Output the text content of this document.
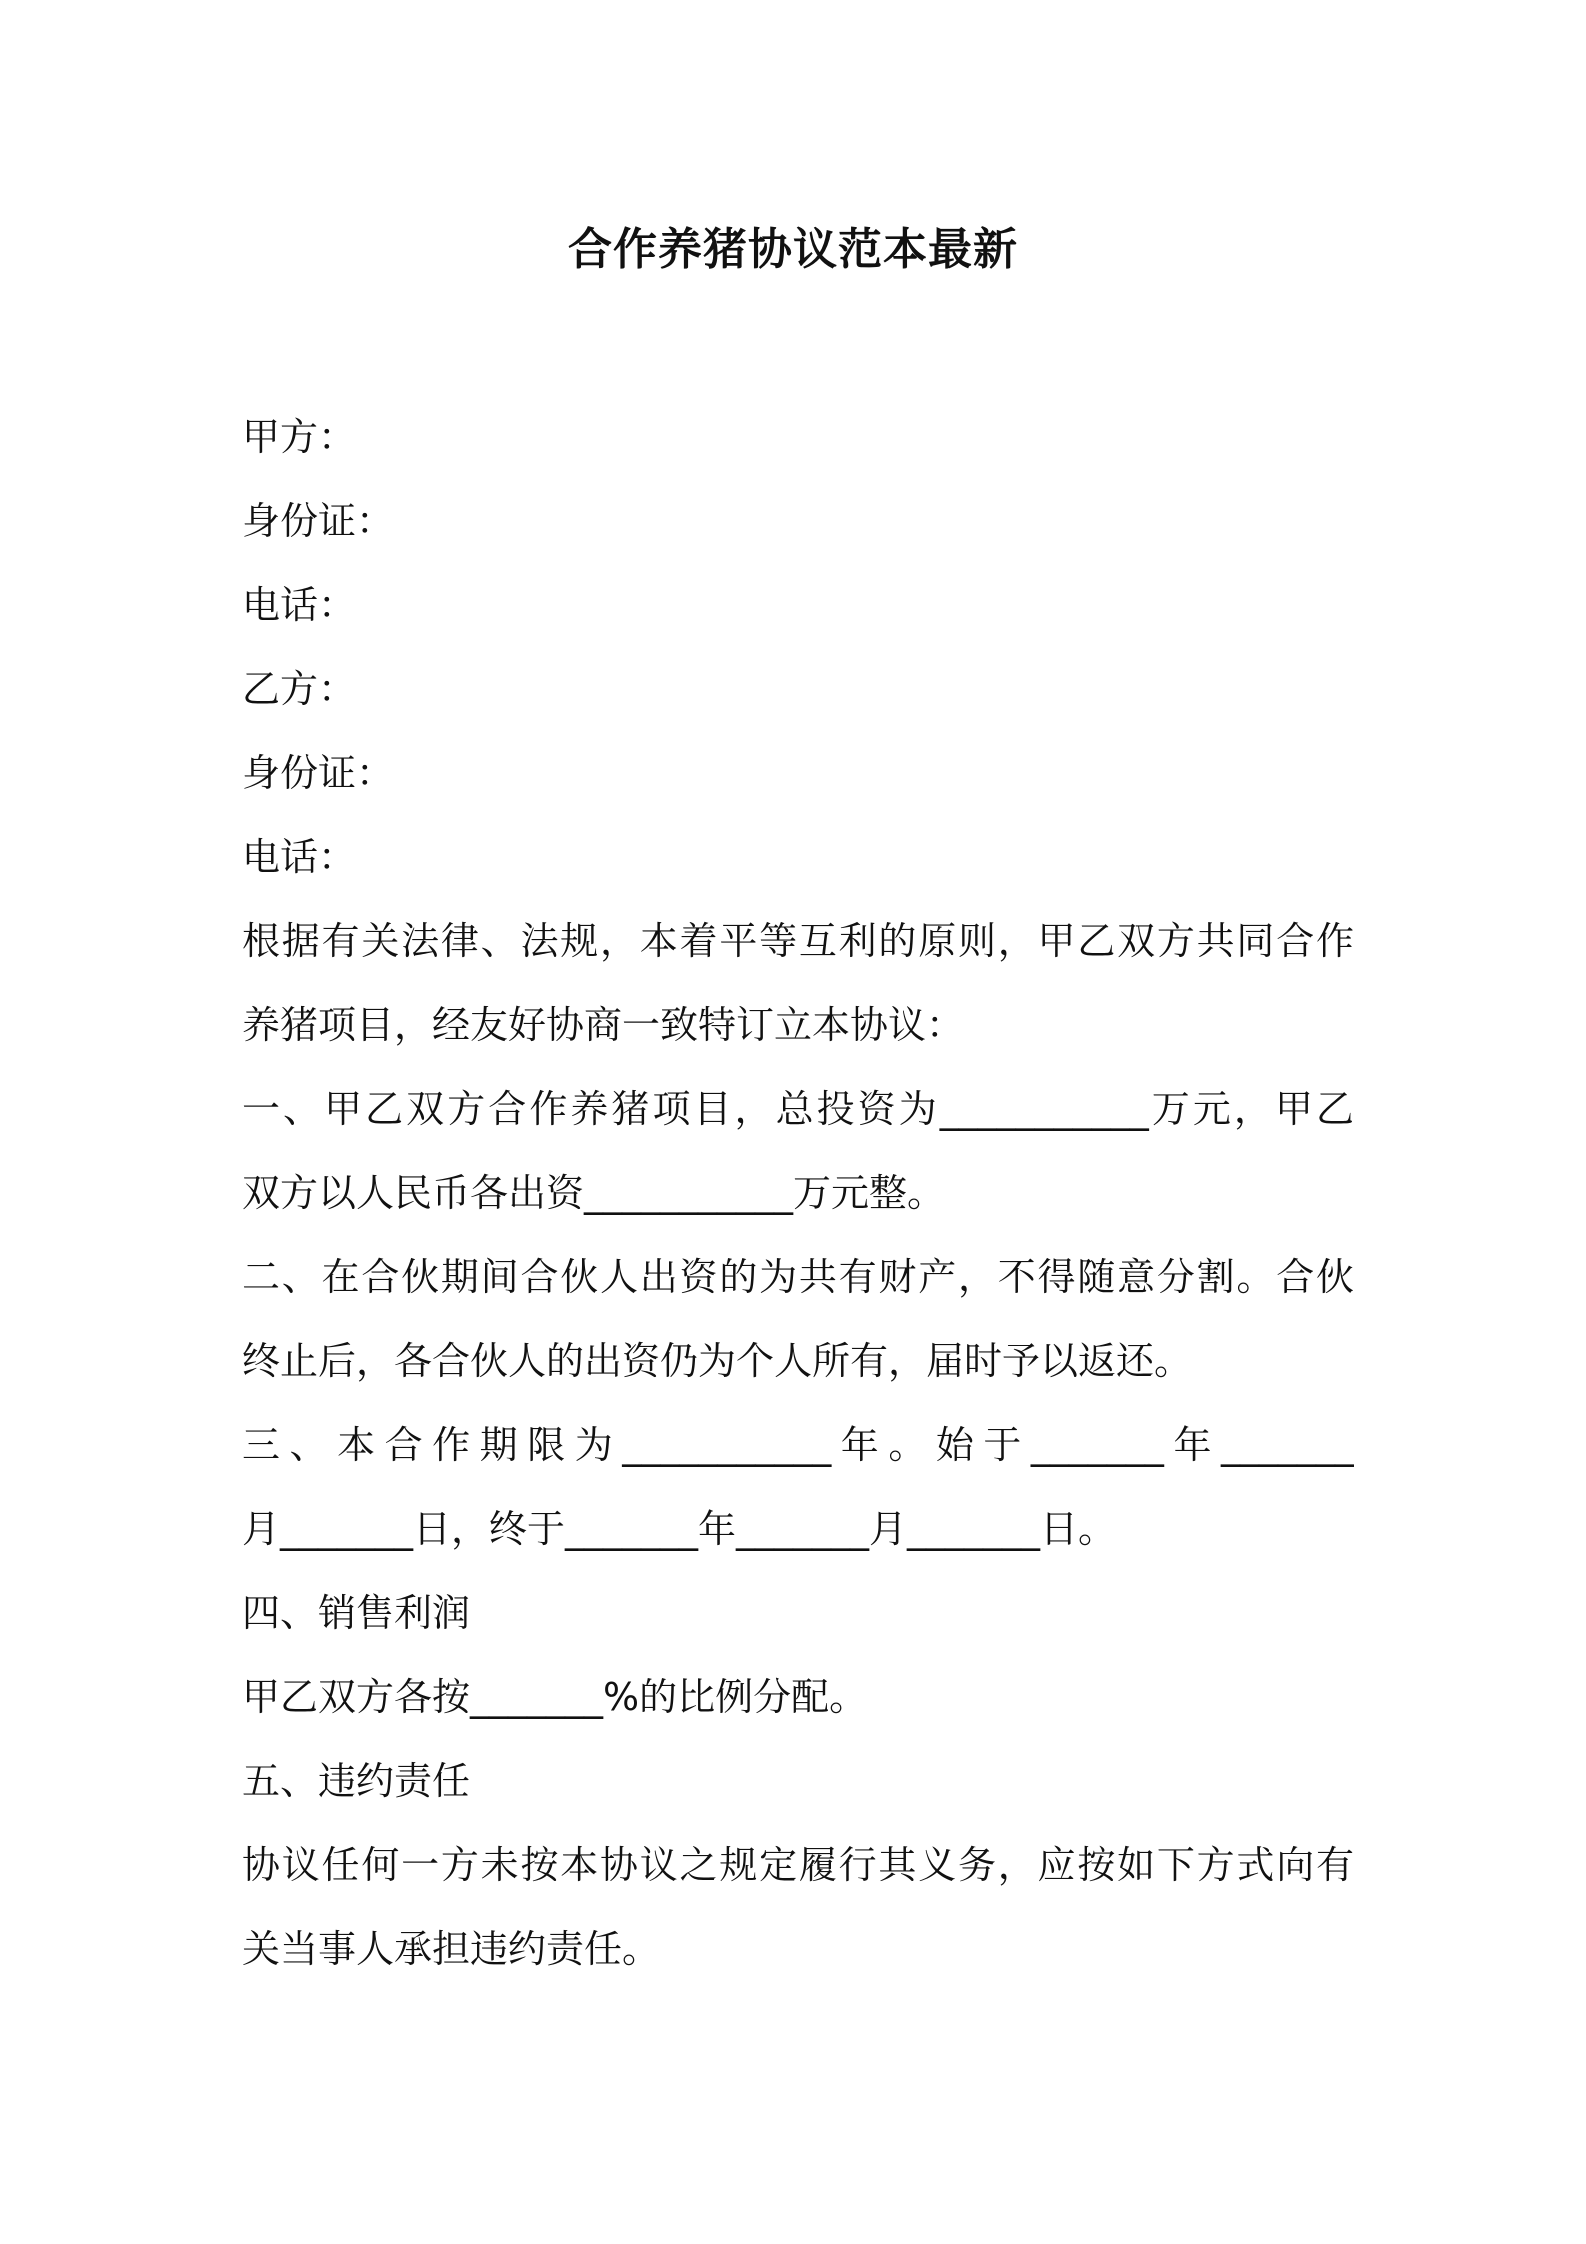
合作养猪协议范本最新
甲方：
身份证：
电话：
乙方：
身份证：
电话：
根据有关法律、法规，本着平等互利的原则，甲乙双方共同合作
养猪项目，经友好协商一致特订立本协议：
一、甲乙双方合作养猪项目，总投资为___________万元，甲乙
双方以人民币各出资___________万元整。
二、在合伙期间合伙人出资的为共有财产，不得随意分割。合伙
终止后，各合伙人的出资仍为个人所有，届时予以返还。
三、本合作期限为___________年。始于_______年_______
月_______日，终于_______年_______月_______日。
四、销售利润
甲乙双方各按_______%的比例分配。
五、违约责任
协议任何一方未按本协议之规定履行其义务，应按如下方式向有
关当事人承担违约责任。
